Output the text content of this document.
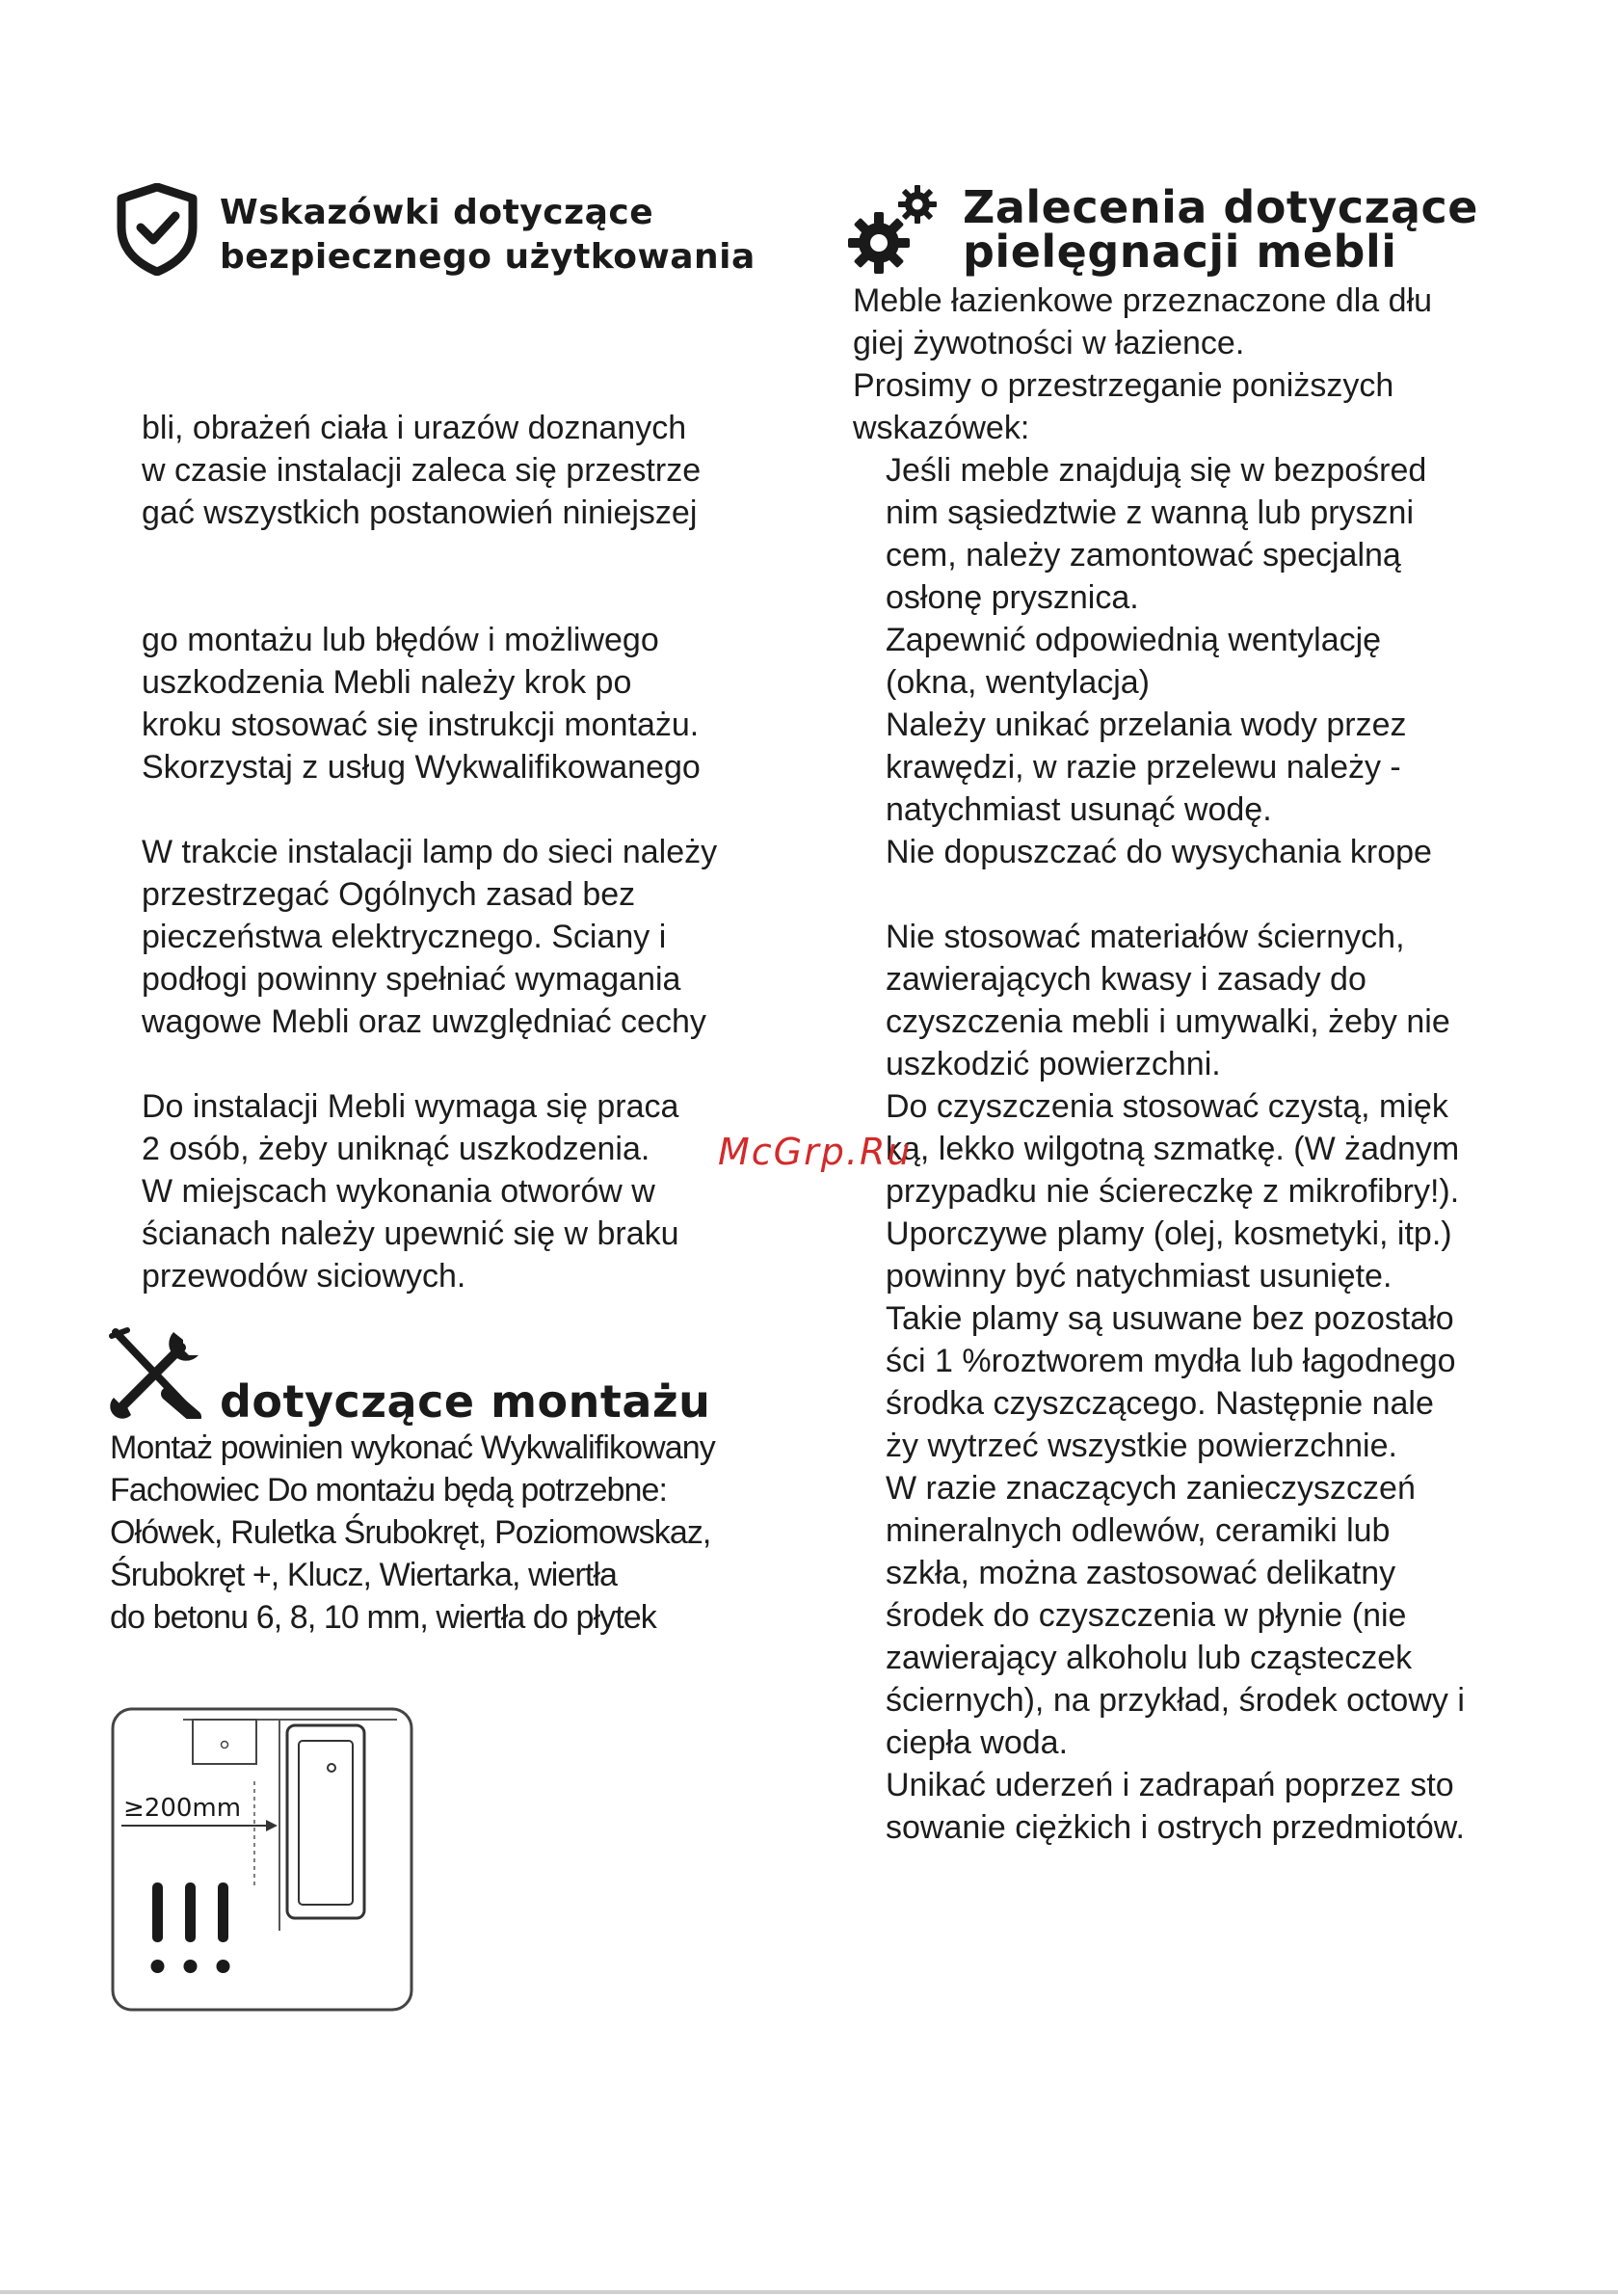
Wskazówki dotyczące
bezpiecznego użytkowania
bli, obrażeń ciała i urazów doznanych
w czasie instalacji zaleca się przestrze
gać wszystkich postanowień niniejszej
go montażu lub błędów i możliwego
uszkodzenia Mebli należy krok po
kroku stosować się instrukcji montażu.
Skorzystaj z usług Wykwalifikowanego
W trakcie instalacji lamp do sieci należy
przestrzegać Ogólnych zasad bez
pieczeństwa elektrycznego. Sciany i
podłogi powinny spełniać wymagania
wagowe Mebli oraz uwzględniać cechy
Do instalacji Mebli wymaga się praca
2 osób, żeby uniknąć uszkodzenia.
W miejscach wykonania otworów w
ścianach należy upewnić się w braku
przewodów siciowych.
dotyczące montażu
Montaż powinien wykonać Wykwalifikowany
Fachowiec Do montażu będą potrzebne:
Ołówek, Ruletka Śrubokręt, Poziomowskaz,
Śrubokręt +, Klucz, Wiertarka, wiertła
do betonu 6, 8, 10 mm, wiertła do płytek
≥200mm
Zalecenia dotyczące
pielęgnacji mebli
Meble łazienkowe przeznaczone dla dłu
giej żywotności w łazience.
Prosimy o przestrzeganie poniższych
wskazówek:
Jeśli meble znajdują się w bezpośred
nim sąsiedztwie z wanną lub pryszni
cem, należy zamontować specjalną
osłonę prysznica.
Zapewnić odpowiednią wentylację
(okna, wentylacja)
Należy unikać przelania wody przez
krawędzi, w razie przelewu należy -
natychmiast usunąć wodę.
Nie dopuszczać do wysychania krope
Nie stosować materiałów ściernych,
zawierających kwasy i zasady do
czyszczenia mebli i umywalki, żeby nie
uszkodzić powierzchni.
Do czyszczenia stosować czystą, mięk
ką, lekko wilgotną szmatkę. (W żadnym
przypadku nie ściereczkę z mikrofibry!).
Uporczywe plamy (olej, kosmetyki, itp.)
powinny być natychmiast usunięte.
Takie plamy są usuwane bez pozostało
ści 1 %roztworem mydła lub łagodnego
środka czyszczącego. Następnie nale
ży wytrzeć wszystkie powierzchnie.
W razie znaczących zanieczyszczeń
mineralnych odlewów, ceramiki lub
szkła, można zastosować delikatny
środek do czyszczenia w płynie (nie
zawierający alkoholu lub cząsteczek
ściernych), na przykład, środek octowy i
ciepła woda.
Unikać uderzeń i zadrapań poprzez sto
sowanie ciężkich i ostrych przedmiotów.
McGrp.Ru
